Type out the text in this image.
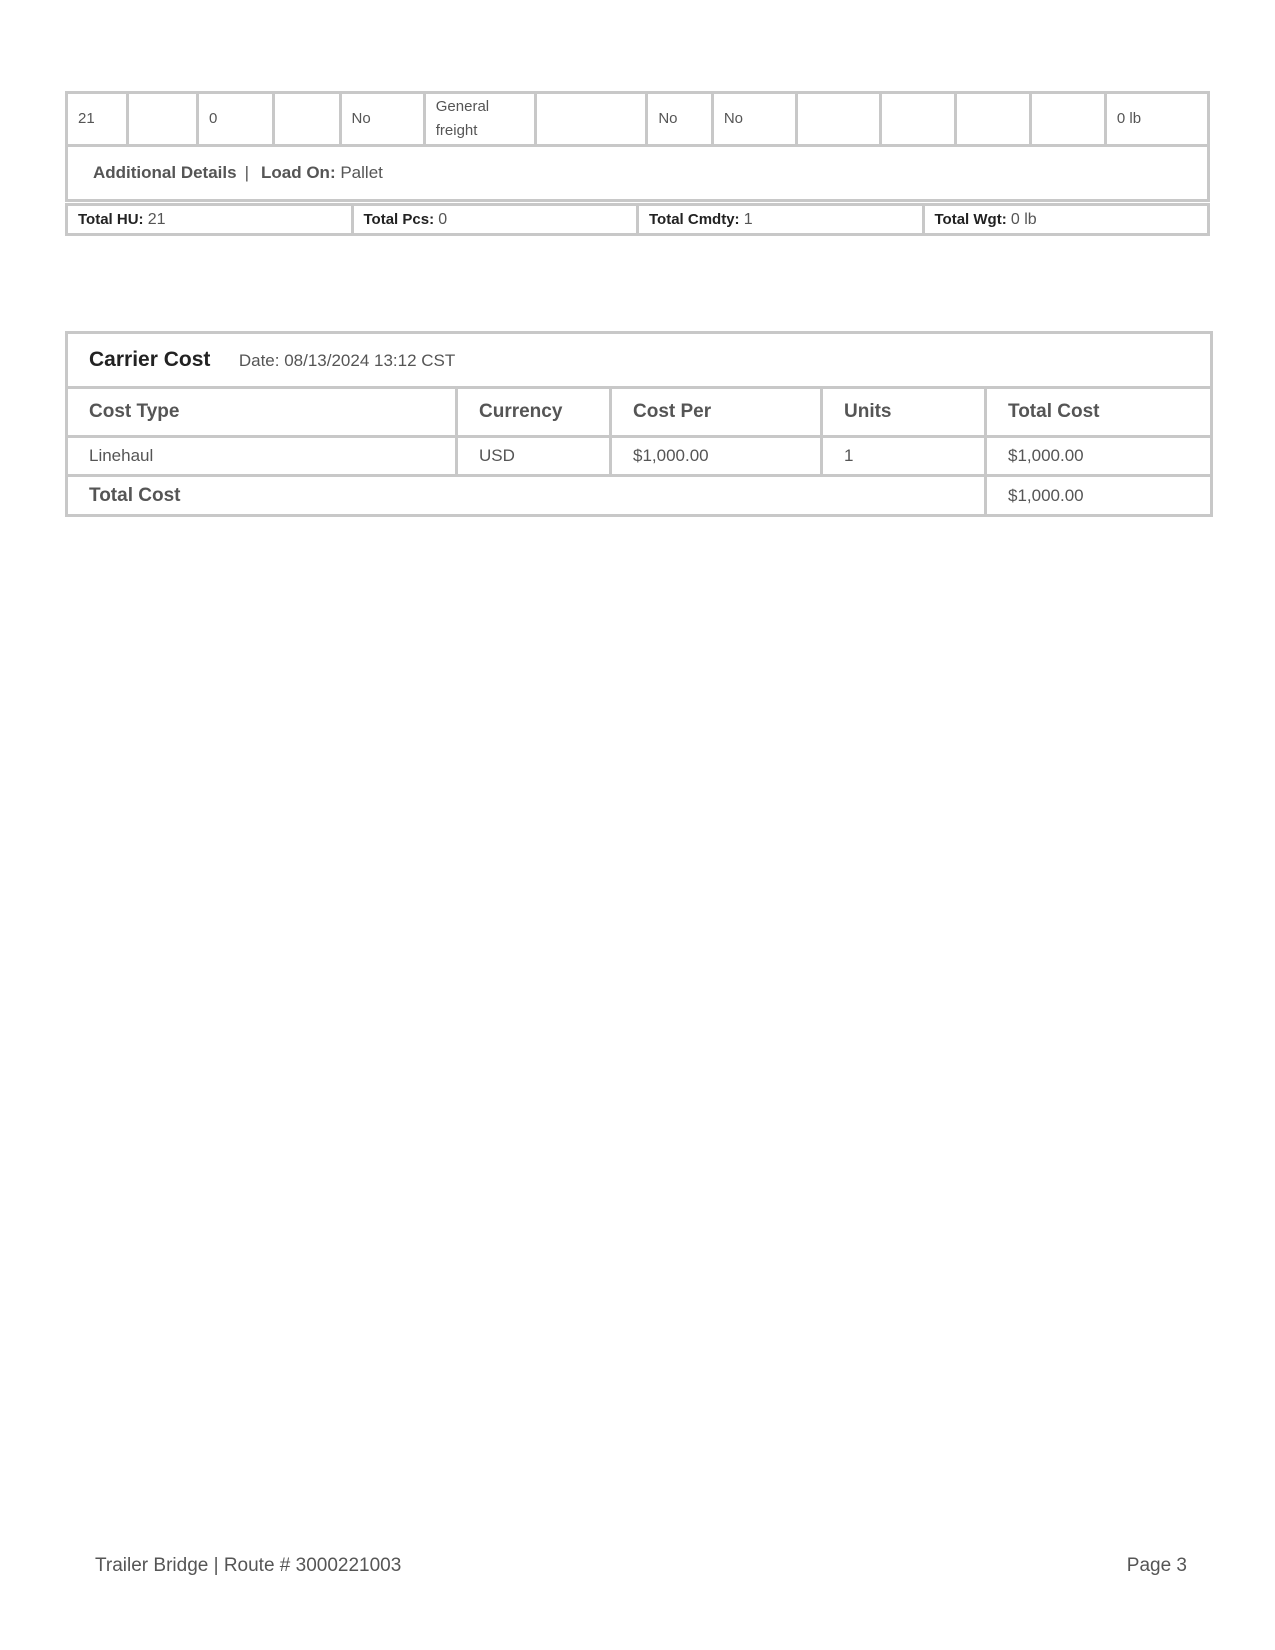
21		0		No	General freight		No	No					0 lb
Additional Details | Load On: Pallet
Total HU: 21	Total Pcs: 0	Total Cmdty: 1	Total Wgt: 0 lb
Carrier Cost Date: 08/13/2024 13:12 CST				
Cost Type	Currency	Cost Per	Units	Total Cost
Linehaul	USD	$1,000.00	1	$1,000.00
Total Cost				$1,000.00
Trailer Bridge | Route # 3000221003	Page 3
